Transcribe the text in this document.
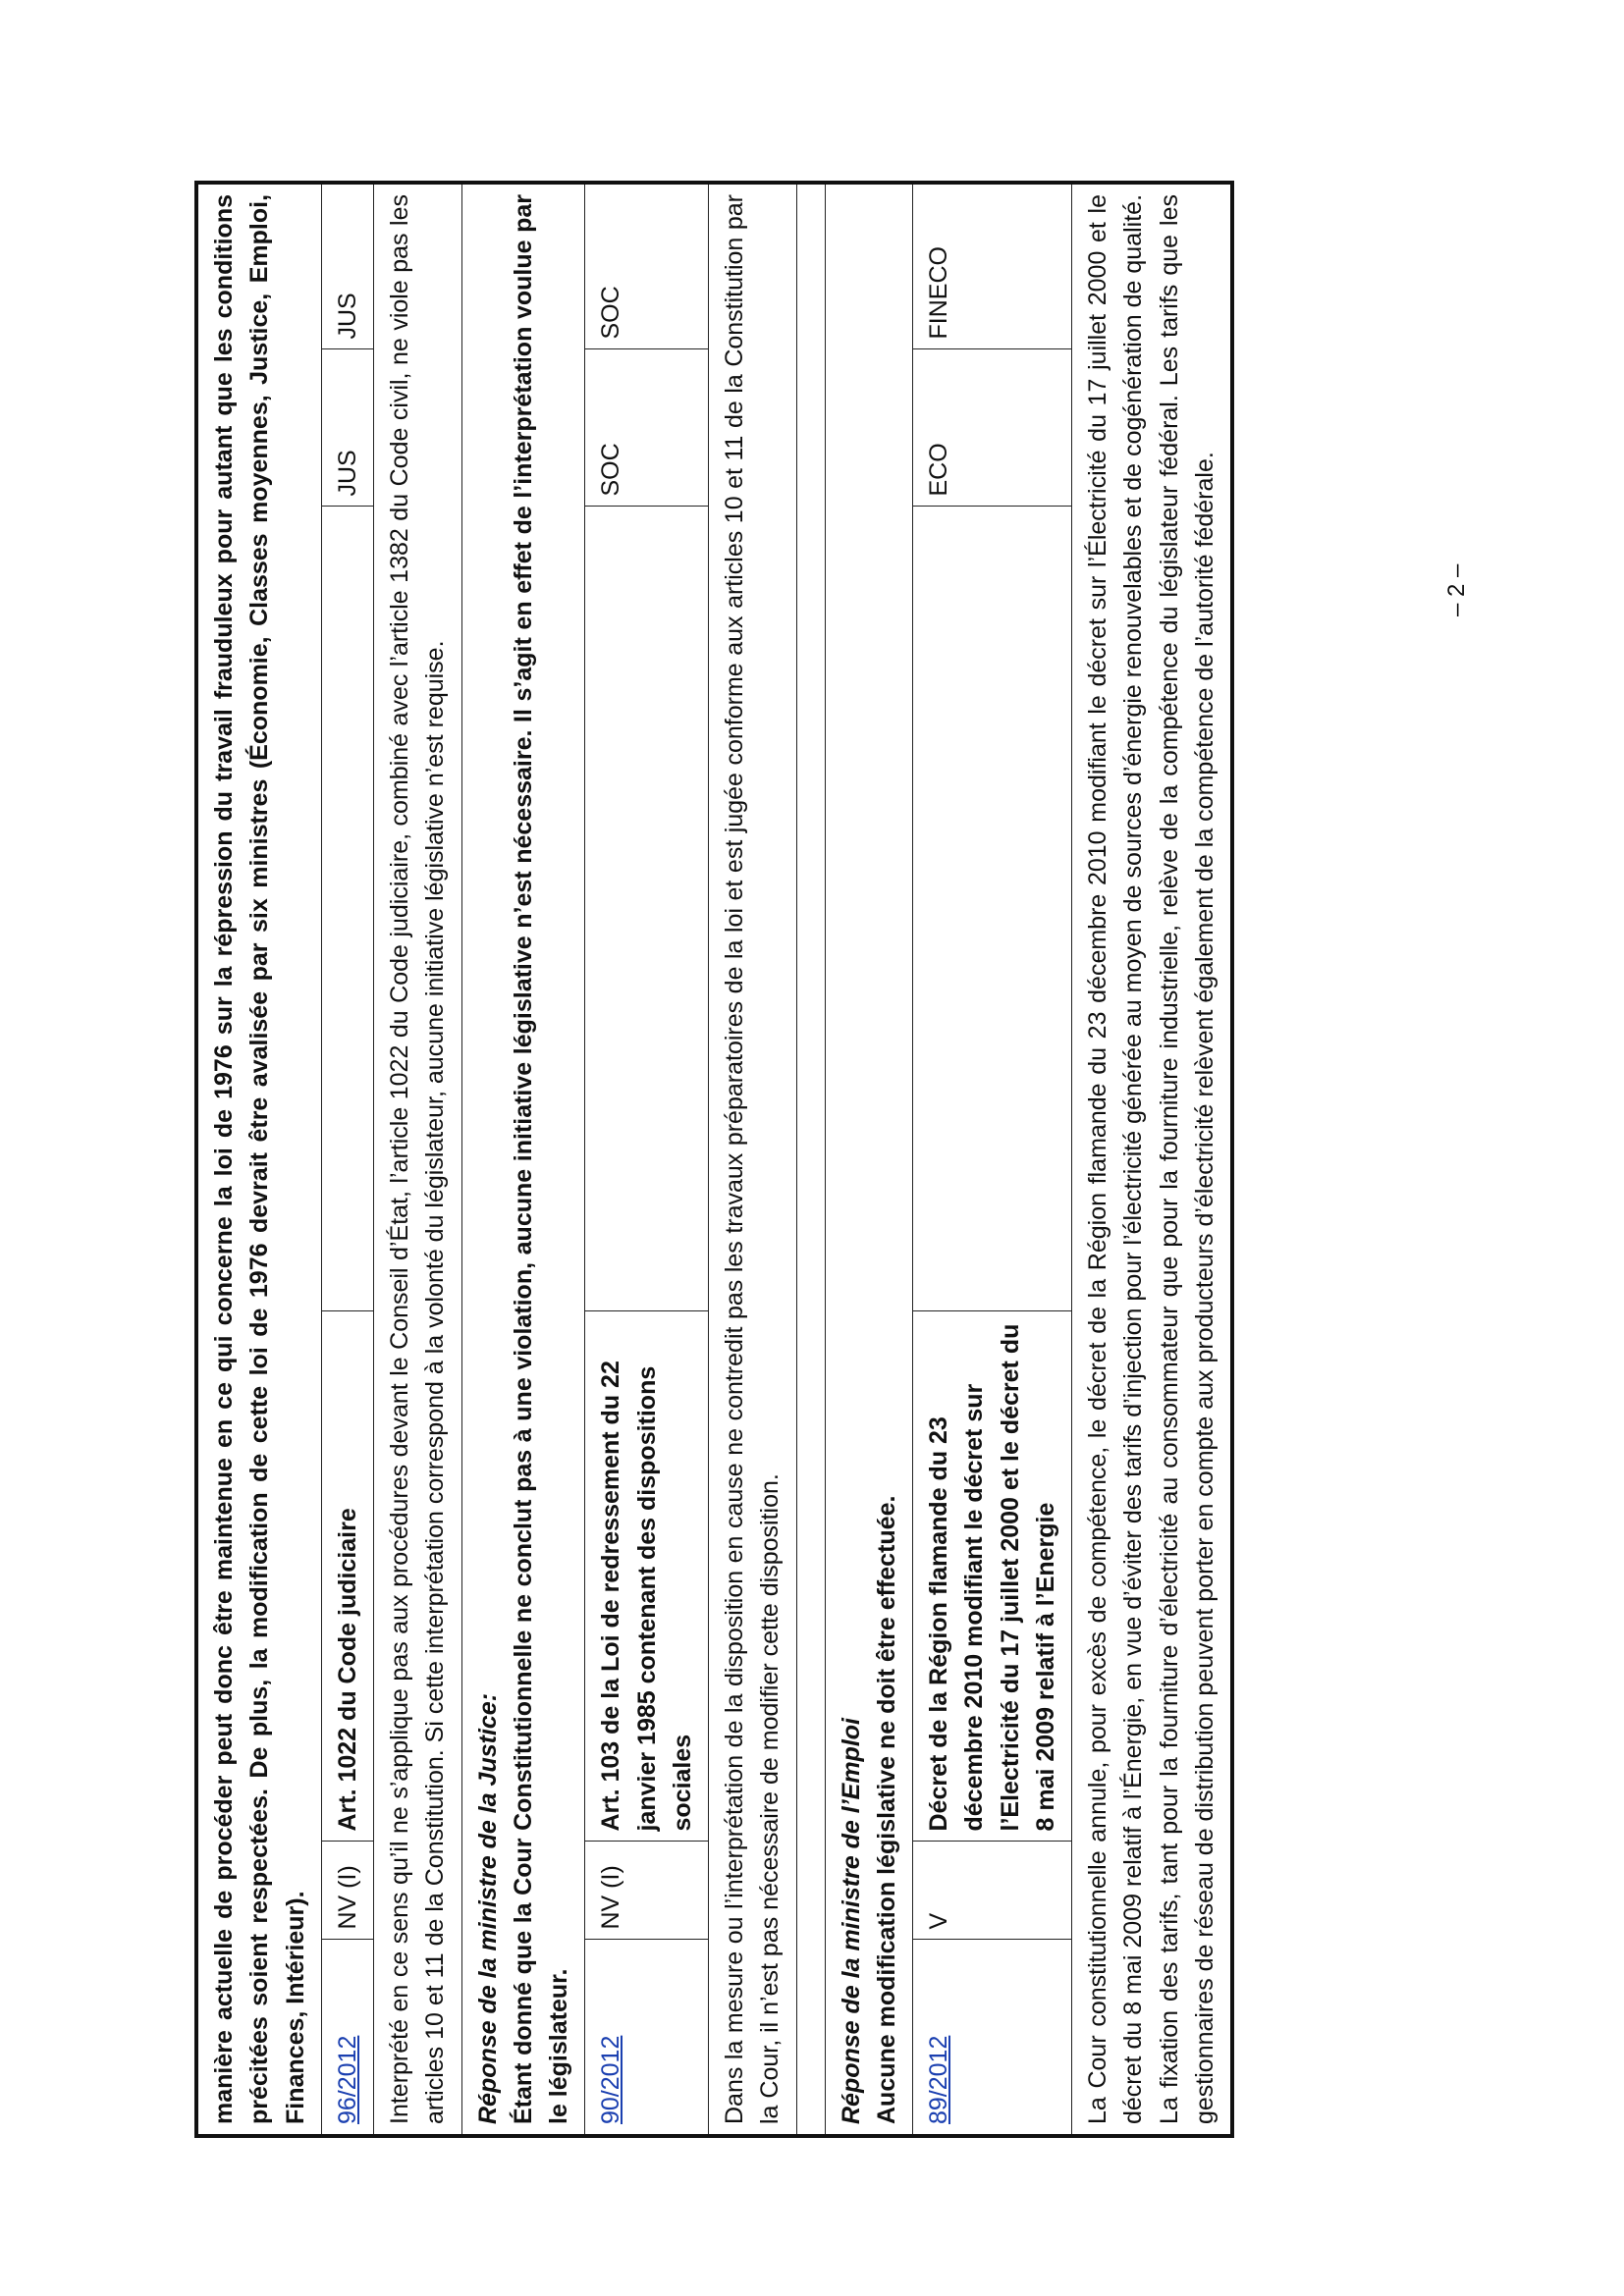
manière actuelle de procéder peut donc être maintenue en ce qui concerne la loi de 1976 sur la répression du travail frauduleux pour autant que les conditions précitées soient respectées. De plus, la modification de cette loi de 1976 devrait être avalisée par six ministres (Économie, Classes moyennes, Justice, Emploi, Finances, Intérieur).					
96/2012	NV (I)	Art. 1022 du Code judiciaire		JUS	JUS
Interprété en ce sens qu’il ne s’applique pas aux procédures devant le Conseil d’État, l’article 1022 du Code judiciaire, combiné avec l’article 1382 du Code civil, ne viole pas les articles 10 et 11 de la Constitution. Si cette interprétation correspond à la volonté du législateur, aucune initiative législative n’est requise.					

Réponse de la ministre de la Justice: Étant donné que la Cour Constitutionnelle ne conclut pas à une violation, aucune initiative législative n’est nécessaire. Il s’agit en effet de l’interprétation voulue par le législateur.					

90/2012	NV (I)	Art. 103 de la Loi de redressement du 22 janvier 1985 contenant des dispositions sociales		SOC	SOC
Dans la mesure ou l’interprétation de la disposition en cause ne contredit pas les travaux préparatoires de la loi et est jugée conforme aux articles 10 et 11 de la Constitution par la Cour, il n’est pas nécessaire de modifier cette disposition.					

Réponse de la ministre de l’Emploi Aucune modification législative ne doit être effectuée.					

89/2012	V	Décret de la Région flamande du 23 décembre 2010 modifiant le décret sur l’Electricité du 17 juillet 2000 et le décret du 8 mai 2009 relatif à l’Energie		ECO	FINECO
La Cour constitutionnelle annule, pour excès de compétence, le décret de la Région flamande du 23 décembre 2010 modifiant le décret sur l’Électricité du 17 juillet 2000 et le décret du 8 mai 2009 relatif à l’Énergie, en vue d’éviter des tarifs d’injection pour l’électricité générée au moyen de sources d’énergie renouvelables et de cogénération de qualité. La fixation des tarifs, tant pour la fourniture d’électricité au consommateur que pour la fourniture industrielle, relève de la compétence du législateur fédéral. Les tarifs que les gestionnaires de réseau de distribution peuvent porter en compte aux producteurs d’électricité relèvent également de la compétence de l’autorité fédérale.						– 2 –
